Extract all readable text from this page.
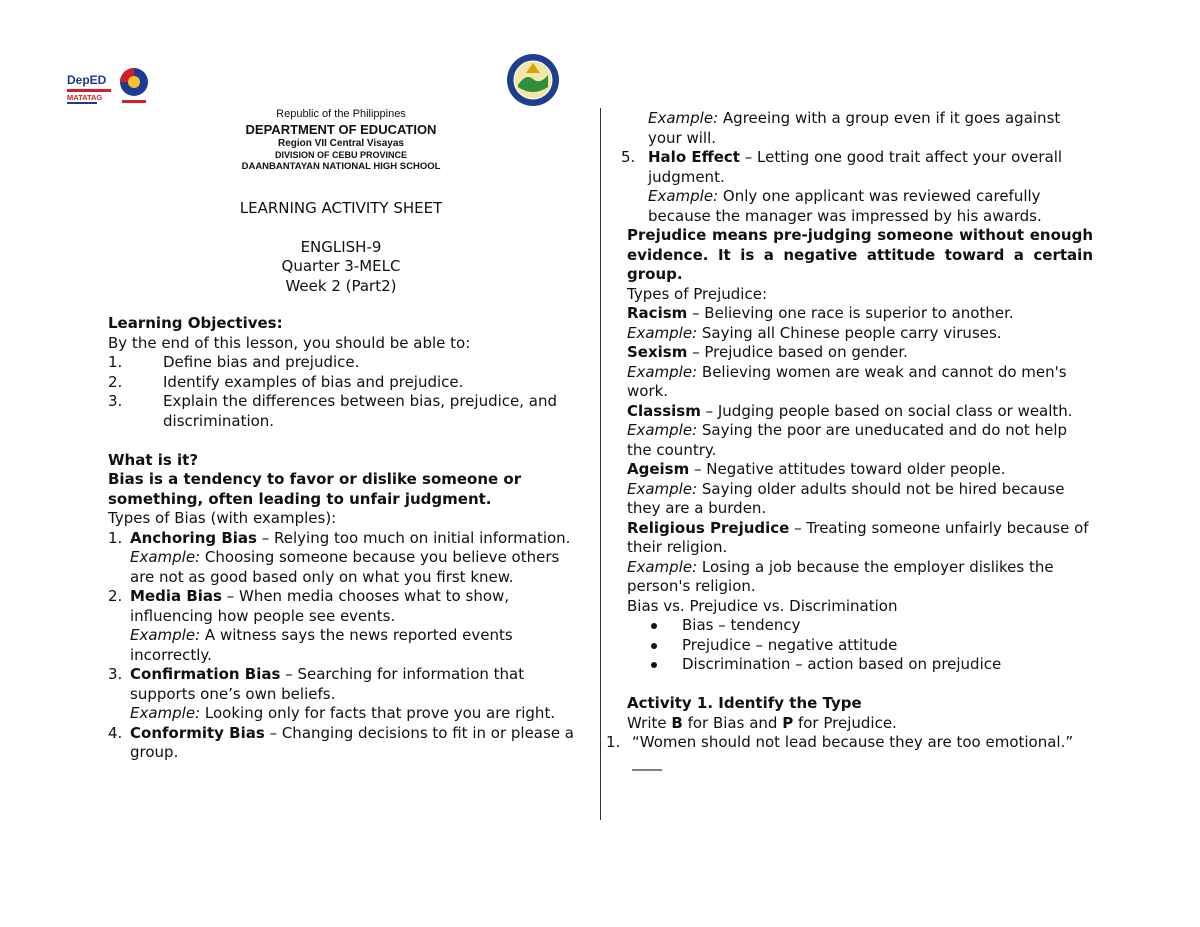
DepED
MATATAG
Republic of the Philippines
DEPARTMENT OF EDUCATION
Region VII Central Visayas
DIVISION OF CEBU PROVINCE
DAANBANTAYAN NATIONAL HIGH SCHOOL
LEARNING ACTIVITY SHEET
ENGLISH-9
Quarter 3-MELC
Week 2 (Part2)

Learning Objectives:

By the end of this lesson, you should be able to:

1.	Define bias and prejudice.
2.	Identify examples of bias and prejudice.
3.	Explain the differences between bias, prejudice, and discrimination.

What is it?

Bias is a tendency to favor or dislike someone or something, often leading to unfair judgment.

Types of Bias (with examples):

1. Anchoring Bias – Relying too much on initial information.
Example: Choosing someone because you believe others are not as good based only on what you first knew.
2. Media Bias – When media chooses what to show, influencing how people see events.
Example: A witness says the news reported events incorrectly.
3. Confirmation Bias – Searching for information that supports one’s own beliefs.
Example: Looking only for facts that prove you are right.
4. Conformity Bias – Changing decisions to fit in or please a group.

Example: Agreeing with a group even if it goes against your will.

5. Halo Effect – Letting one good trait affect your overall judgment.
Example: Only one applicant was reviewed carefully because the manager was impressed by his awards.

Prejudice means pre-judging someone without enough evidence. It is a negative attitude toward a certain group.

Types of Prejudice:

Racism – Believing one race is superior to another.
Example: Saying all Chinese people carry viruses.
Sexism – Prejudice based on gender.
Example: Believing women are weak and cannot do men's work.
Classism – Judging people based on social class or wealth.
Example: Saying the poor are uneducated and do not help the country.
Ageism – Negative attitudes toward older people.
Example: Saying older adults should not be hired because they are a burden.
Religious Prejudice – Treating someone unfairly because of their religion.
Example: Losing a job because the employer dislikes the person's religion.

Bias vs. Prejudice vs. Discrimination

Bias – tendency
Prejudice – negative attitude
Discrimination – action based on prejudice

Activity 1. Identify the Type

Write B for Bias and P for Prejudice.

1. “Women should not lead because they are too emotional.” ____
